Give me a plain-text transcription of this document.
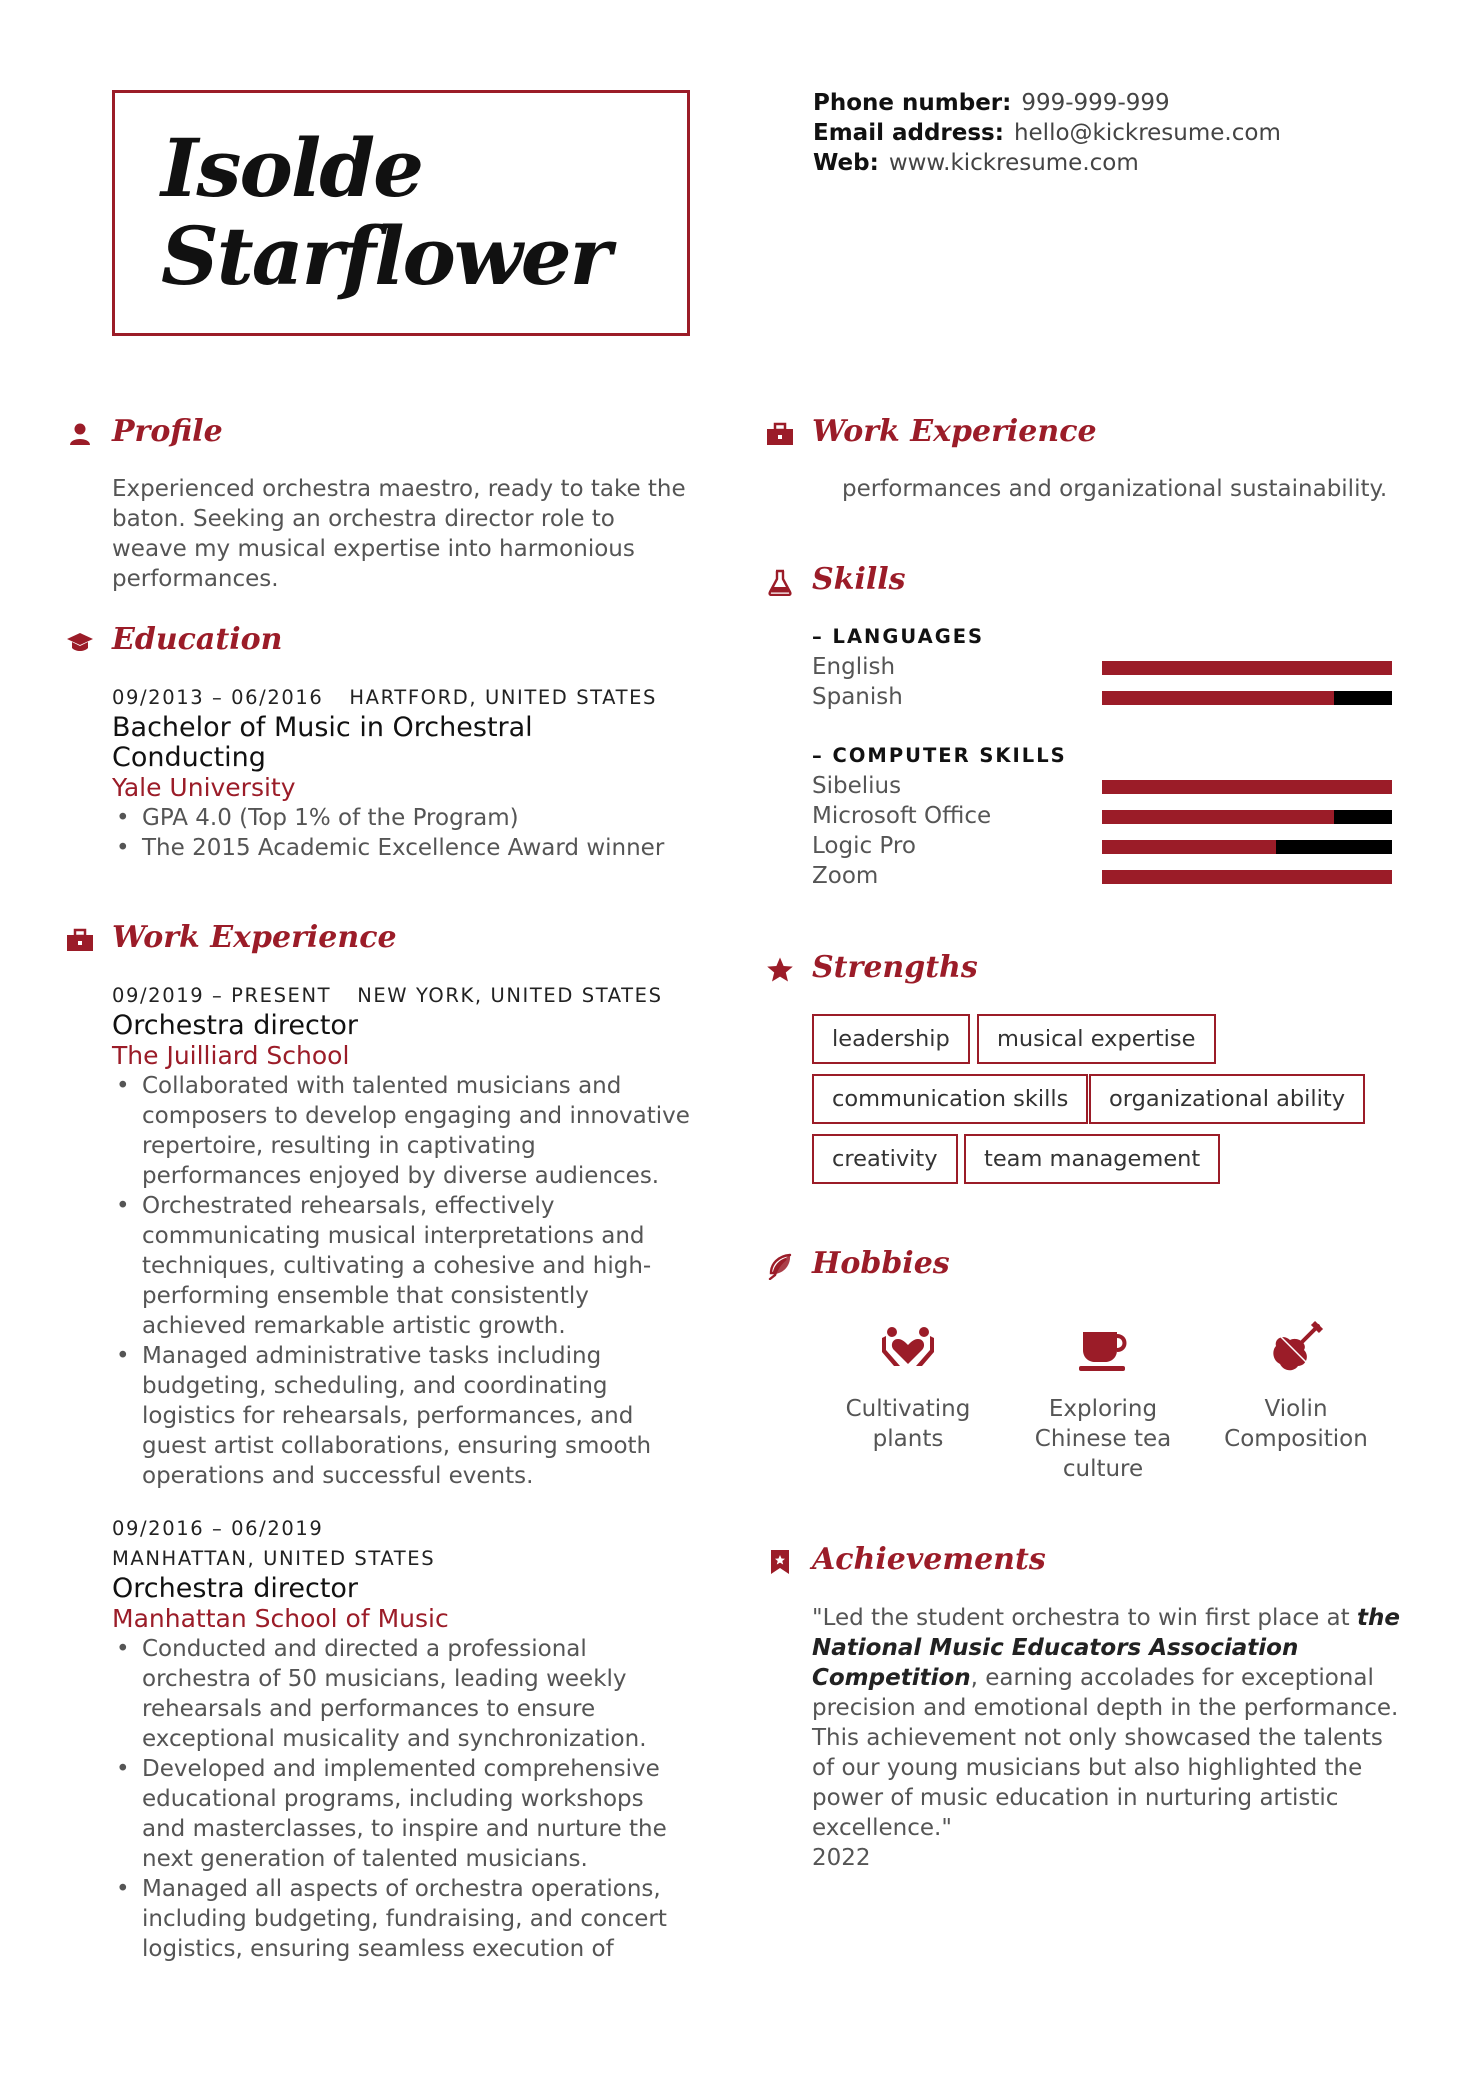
Isolde
Starflower
Phone number: 999-999-999
Email address: hello@kickresume.com
Web: www.kickresume.com
Profile
Experienced orchestra maestro, ready to take the baton. Seeking an orchestra director role to weave my musical expertise into harmonious performances.
Education
09/2013 – 06/2016 HARTFORD, UNITED STATES
Bachelor of Music in Orchestral Conducting
Yale University
• GPA 4.0 (Top 1% of the Program)
• The 2015 Academic Excellence Award winner
Work Experience
09/2019 – PRESENT NEW YORK, UNITED STATES
Orchestra director
The Juilliard School
• Collaborated with talented musicians and composers to develop engaging and innovative repertoire, resulting in captivating performances enjoyed by diverse audiences.
• Orchestrated rehearsals, effectively communicating musical interpretations and techniques, cultivating a cohesive and high-performing ensemble that consistently achieved remarkable artistic growth.
• Managed administrative tasks including budgeting, scheduling, and coordinating logistics for rehearsals, performances, and guest artist collaborations, ensuring smooth operations and successful events.
09/2016 – 06/2019
MANHATTAN, UNITED STATES
Orchestra director
Manhattan School of Music
• Conducted and directed a professional orchestra of 50 musicians, leading weekly rehearsals and performances to ensure exceptional musicality and synchronization.
• Developed and implemented comprehensive educational programs, including workshops and masterclasses, to inspire and nurture the next generation of talented musicians.
• Managed all aspects of orchestra operations, including budgeting, fundraising, and concert logistics, ensuring seamless execution of
Work Experience
performances and organizational sustainability.
Skills
– LANGUAGES
English
Spanish
– COMPUTER SKILLS
Sibelius
Microsoft Office
Logic Pro
Zoom
Strengths
leadership	musical expertise
communication skills	organizational ability
creativity	team management
Hobbies
Cultivating plants
Exploring Chinese tea culture
Violin Composition
Achievements
"Led the student orchestra to win first place at the National Music Educators Association Competition, earning accolades for exceptional precision and emotional depth in the performance. This achievement not only showcased the talents of our young musicians but also highlighted the power of music education in nurturing artistic excellence."
2022
